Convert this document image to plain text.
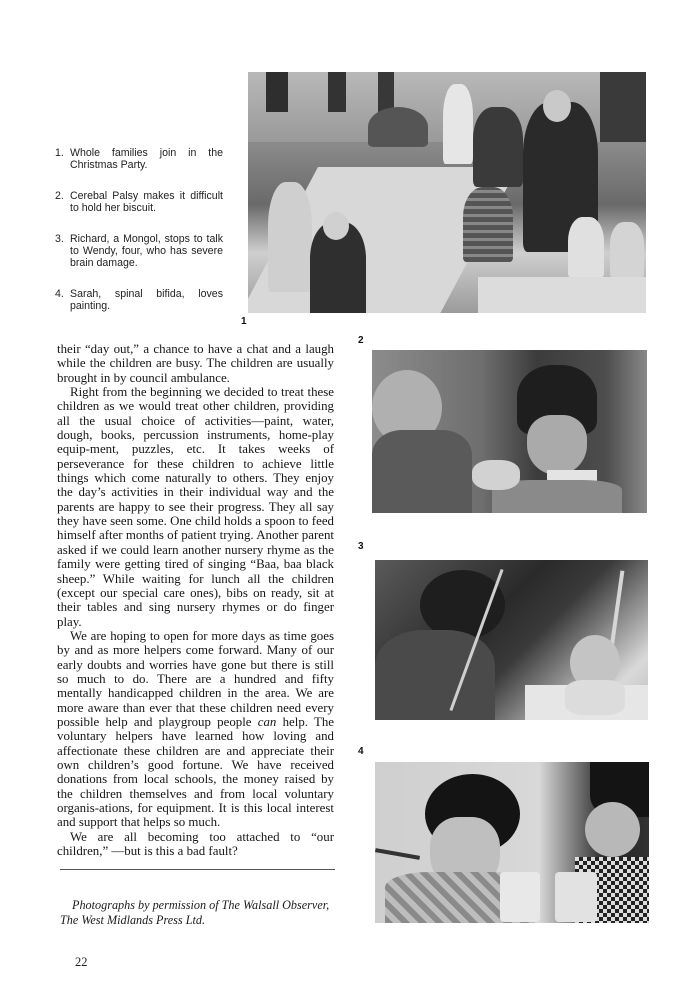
1
1. Whole families join in the Christmas Party.
2. Cerebal Palsy makes it difficult to hold her biscuit.
3. Richard, a Mongol, stops to talk to Wendy, four, who has severe brain damage.
4. Sarah, spinal bifida, loves painting.

their “day out,” a chance to have a chat and a laugh while the children are busy. The children are usually brought in by council ambulance.

Right from the beginning we decided to treat these children as we would treat other children, providing all the usual choice of activities—paint, water, dough, books, percussion instruments, home-play equip-ment, puzzles, etc. It takes weeks of perseverance for these children to achieve little things which come naturally to others. They enjoy the day’s activities in their individual way and the parents are happy to see their progress. They all say they have seen some. One child holds a spoon to feed himself after months of patient trying. Another parent asked if we could learn another nursery rhyme as the family were getting tired of singing “Baa, baa black sheep.” While waiting for lunch all the children (except our special care ones), bibs on ready, sit at their tables and sing nursery rhymes or do finger play.

We are hoping to open for more days as time goes by and as more helpers come forward. Many of our early doubts and worries have gone but there is still so much to do. There are a hundred and fifty mentally handicapped children in the area. We are more aware than ever that these children need every possible help and playgroup people can help. The voluntary helpers have learned how loving and affectionate these children are and appreciate their own children’s good fortune. We have received donations from local schools, the money raised by the children themselves and from local voluntary organis-ations, for equipment. It is this local interest and support that helps so much.

We are all becoming too attached to “our children,” —but is this a bad fault?

2
3
4
Photographs by permission of The Walsall Observer,
The West Midlands Press Ltd.
22
